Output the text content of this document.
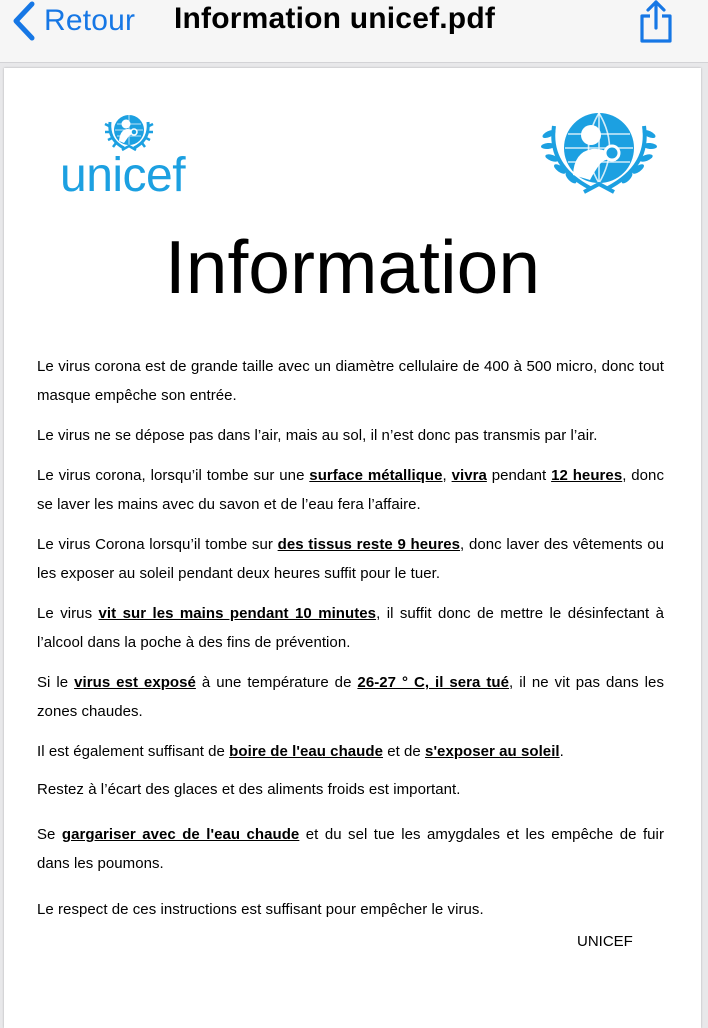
Retour Information unicef.pdf
unicef
Information

Le virus corona est de grande taille avec un diamètre cellulaire de 400 à 500 micro, donc tout masque empêche son entrée.

Le virus ne se dépose pas dans l’air, mais au sol, il n’est donc pas transmis par l’air.

Le virus corona, lorsqu’il tombe sur une surface métallique, vivra pendant 12 heures, donc se laver les mains avec du savon et de l’eau fera l’affaire.

Le virus Corona lorsqu’il tombe sur des tissus reste 9 heures, donc laver des vêtements ou les exposer au soleil pendant deux heures suffit pour le tuer.

Le virus vit sur les mains pendant 10 minutes, il suffit donc de mettre le désinfectant à l’alcool dans la poche à des fins de prévention.

Si le virus est exposé à une température de 26-27 ° C, il sera tué, il ne vit pas dans les zones chaudes.

Il est également suffisant de boire de l'eau chaude et de s'exposer au soleil.

Restez à l’écart des glaces et des aliments froids est important.

Se gargariser avec de l'eau chaude et du sel tue les amygdales et les empêche de fuir dans les poumons.

Le respect de ces instructions est suffisant pour empêcher le virus.

UNICEF
